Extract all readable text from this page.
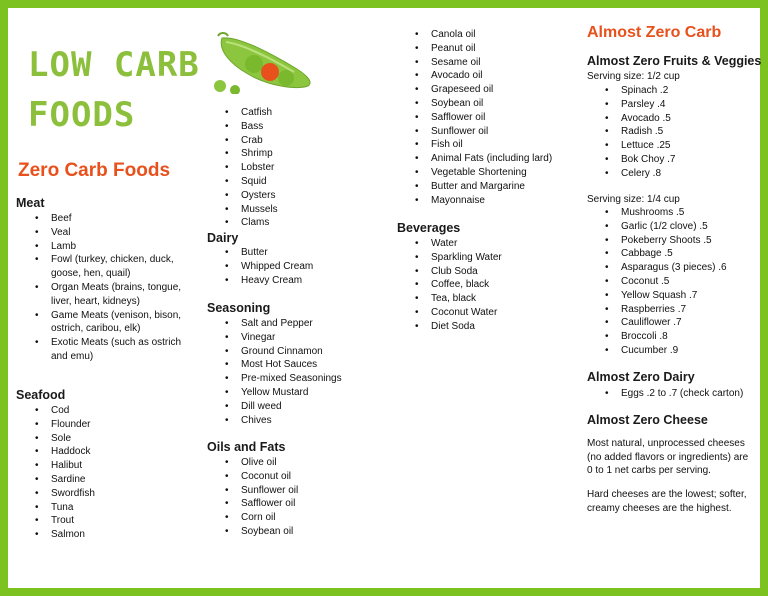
LOW CARB
FOODS
Zero Carb Foods
Meat
• Beef
• Veal
• Lamb
• Fowl (turkey, chicken, duck, goose, hen, quail)
• Organ Meats (brains, tongue, liver, heart, kidneys)
• Game Meats (venison, bison, ostrich, caribou, elk)
• Exotic Meats (such as ostrich and emu)
Seafood
• Cod
• Flounder
• Sole
• Haddock
• Halibut
• Sardine
• Swordfish
• Tuna
• Trout
• Salmon
• Catfish
• Bass
• Crab
• Shrimp
• Lobster
• Squid
• Oysters
• Mussels
• Clams
Dairy
• Butter
• Whipped Cream
• Heavy Cream
Seasoning
• Salt and Pepper
• Vinegar
• Ground Cinnamon
• Most Hot Sauces
• Pre-mixed Seasonings
• Yellow Mustard
• Dill weed
• Chives
Oils and Fats
• Olive oil
• Coconut oil
• Sunflower oil
• Safflower oil
• Corn oil
• Soybean oil
• Canola oil
• Peanut oil
• Sesame oil
• Avocado oil
• Grapeseed oil
• Soybean oil
• Safflower oil
• Sunflower oil
• Fish oil
• Animal Fats (including lard)
• Vegetable Shortening
• Butter and Margarine
• Mayonnaise
Beverages
• Water
• Sparkling Water
• Club Soda
• Coffee, black
• Tea, black
• Coconut Water
• Diet Soda
Almost Zero Carb
Almost Zero Fruits & Veggies
Serving size: 1/2 cup
• Spinach .2
• Parsley .4
• Avocado .5
• Radish .5
• Lettuce .25
• Bok Choy .7
• Celery .8
Serving size: 1/4 cup
• Mushrooms .5
• Garlic (1/2 clove) .5
• Pokeberry Shoots .5
• Cabbage .5
• Asparagus (3 pieces) .6
• Coconut .5
• Yellow Squash .7
• Raspberries .7
• Cauliflower .7
• Broccoli .8
• Cucumber .9
Almost Zero Dairy
• Eggs .2 to .7 (check carton)
Almost Zero Cheese
Most natural, unprocessed cheeses (no added flavors or ingredients) are 0 to 1 net carbs per serving.
Hard cheeses are the lowest; softer, creamy cheeses are the highest.
